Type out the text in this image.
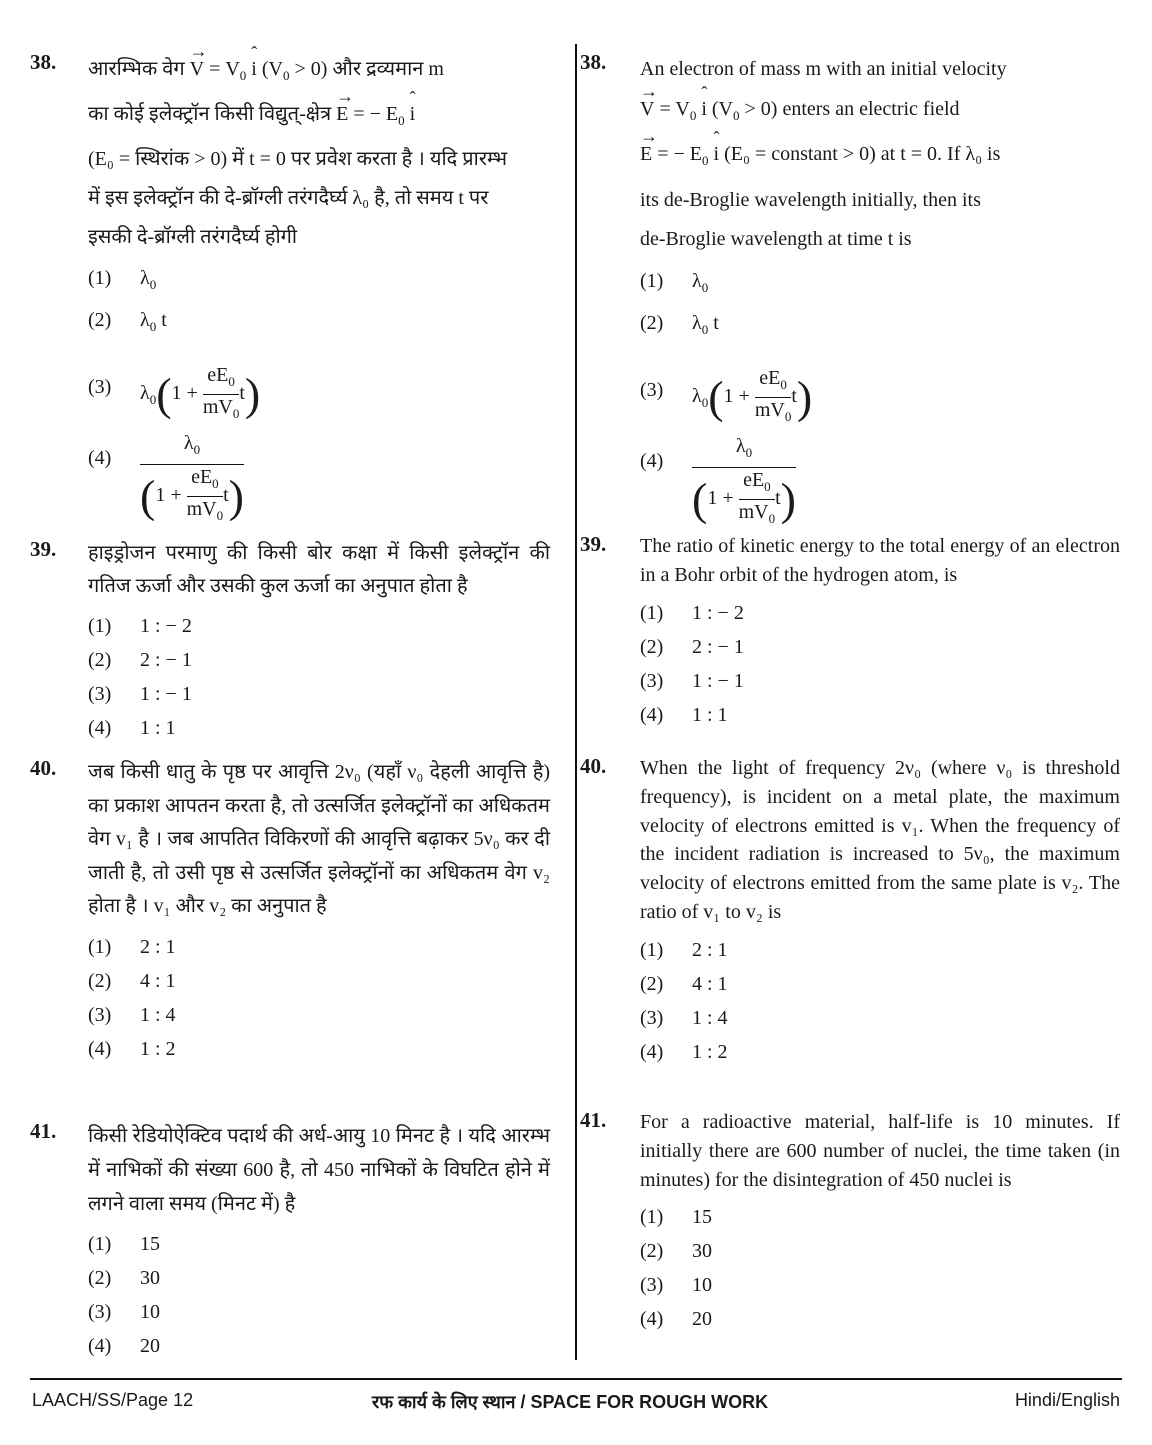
38. आरम्भिक वेग → $V = V_0$ ˆ i $(V_0 > 0)$ और द्रव्यमान m
का कोई इलेक्ट्रॉन किसी विद्युत्-क्षेत्र → E = − $E_0$ ˆ i
(E₀ = स्थिरांक > 0) में t = 0 पर प्रवेश करता है । यदि प्रारम्भ
में इस इलेक्ट्रॉन की दे-ब्रॉग्ली तरंगदैर्घ्य λ₀ है, तो समय t पर
इसकी दे-ब्रॉग्ली तरंगदैर्घ्य होगी
(1) $\lambda_0$
(2) $\lambda_0$ t
(3) $\lambda_0(1 + \frac{eE_0}{mV_0} t)$
$(4) \frac{\lambda_0}{(1 + \frac{eE_0}{mV_0} t)}$
39. हाइड्रोजन परमाणु की किसी बोर कक्षा में किसी इलेक्ट्रॉन की गतिज ऊर्जा और उसकी कुल ऊर्जा का अनुपात होता है
(1) 1 : − 2
(2) 2 : − 1
(3) 1 : − 1
(4) 1 : 1
40. जब किसी धातु के पृष्ठ पर आवृत्ति 2ν₀ (यहाँ ν₀ देहली आवृत्ति है) का प्रकाश आपतन करता है, तो उत्सर्जित इलेक्ट्रॉनों का अधिकतम वेग v₁ है । जब आपतित विकिरणों की आवृत्ति बढ़ाकर 5ν₀ कर दी जाती है, तो उसी पृष्ठ से उत्सर्जित इलेक्ट्रॉनों का अधिकतम वेग v₂ होता है । v₁ और v₂ का अनुपात है
(1) 2 : 1
(2) 4 : 1
(3) 1 : 4
(4) 1 : 2
41. किसी रेडियोऐक्टिव पदार्थ की अर्ध-आयु 10 मिनट है । यदि आरम्भ में नाभिकों की संख्या 600 है, तो 450 नाभिकों के विघटित होने में लगने वाला समय (मिनट में) है
(1) 15
(2) 30
(3) 10
(4) 20
38. An electron of mass m with an initial velocity
→ $V = V_0$ ˆ i $(V_0 > 0)$ enters an electric field
→ E = − $E_0$ ˆ i (E₀ = constant > 0) at t = 0. If λ₀ is
its de-Broglie wavelength initially, then its
de-Broglie wavelength at time t is
(1) $\lambda_0$
(2) $\lambda_0$ t
(3) $\lambda_0(1 + \frac{eE_0}{mV_0} t)$
$(4) \frac{\lambda_0}{(1 + \frac{eE_0}{mV_0} t)}$
39. The ratio of kinetic energy to the total energy of an electron in a Bohr orbit of the hydrogen atom, is
(1) 1 : − 2
(2) 2 : − 1
(3) 1 : − 1
(4) 1 : 1
40. When the light of frequency 2ν₀ (where ν₀ is threshold frequency), is incident on a metal plate, the maximum velocity of electrons emitted is v₁. When the frequency of the incident radiation is increased to 5ν₀, the maximum velocity of electrons emitted from the same plate is v₂. The ratio of v₁ to v₂ is
(1) 2 : 1
(2) 4 : 1
(3) 1 : 4
(4) 1 : 2
41. For a radioactive material, half-life is 10 minutes. If initially there are 600 number of nuclei, the time taken (in minutes) for the disintegration of 450 nuclei is
(1) 15
(2) 30
(3) 10
(4) 20
LAACH/SS/Page 12	रफ कार्य के लिए स्थान / SPACE FOR ROUGH WORK	Hindi/English
